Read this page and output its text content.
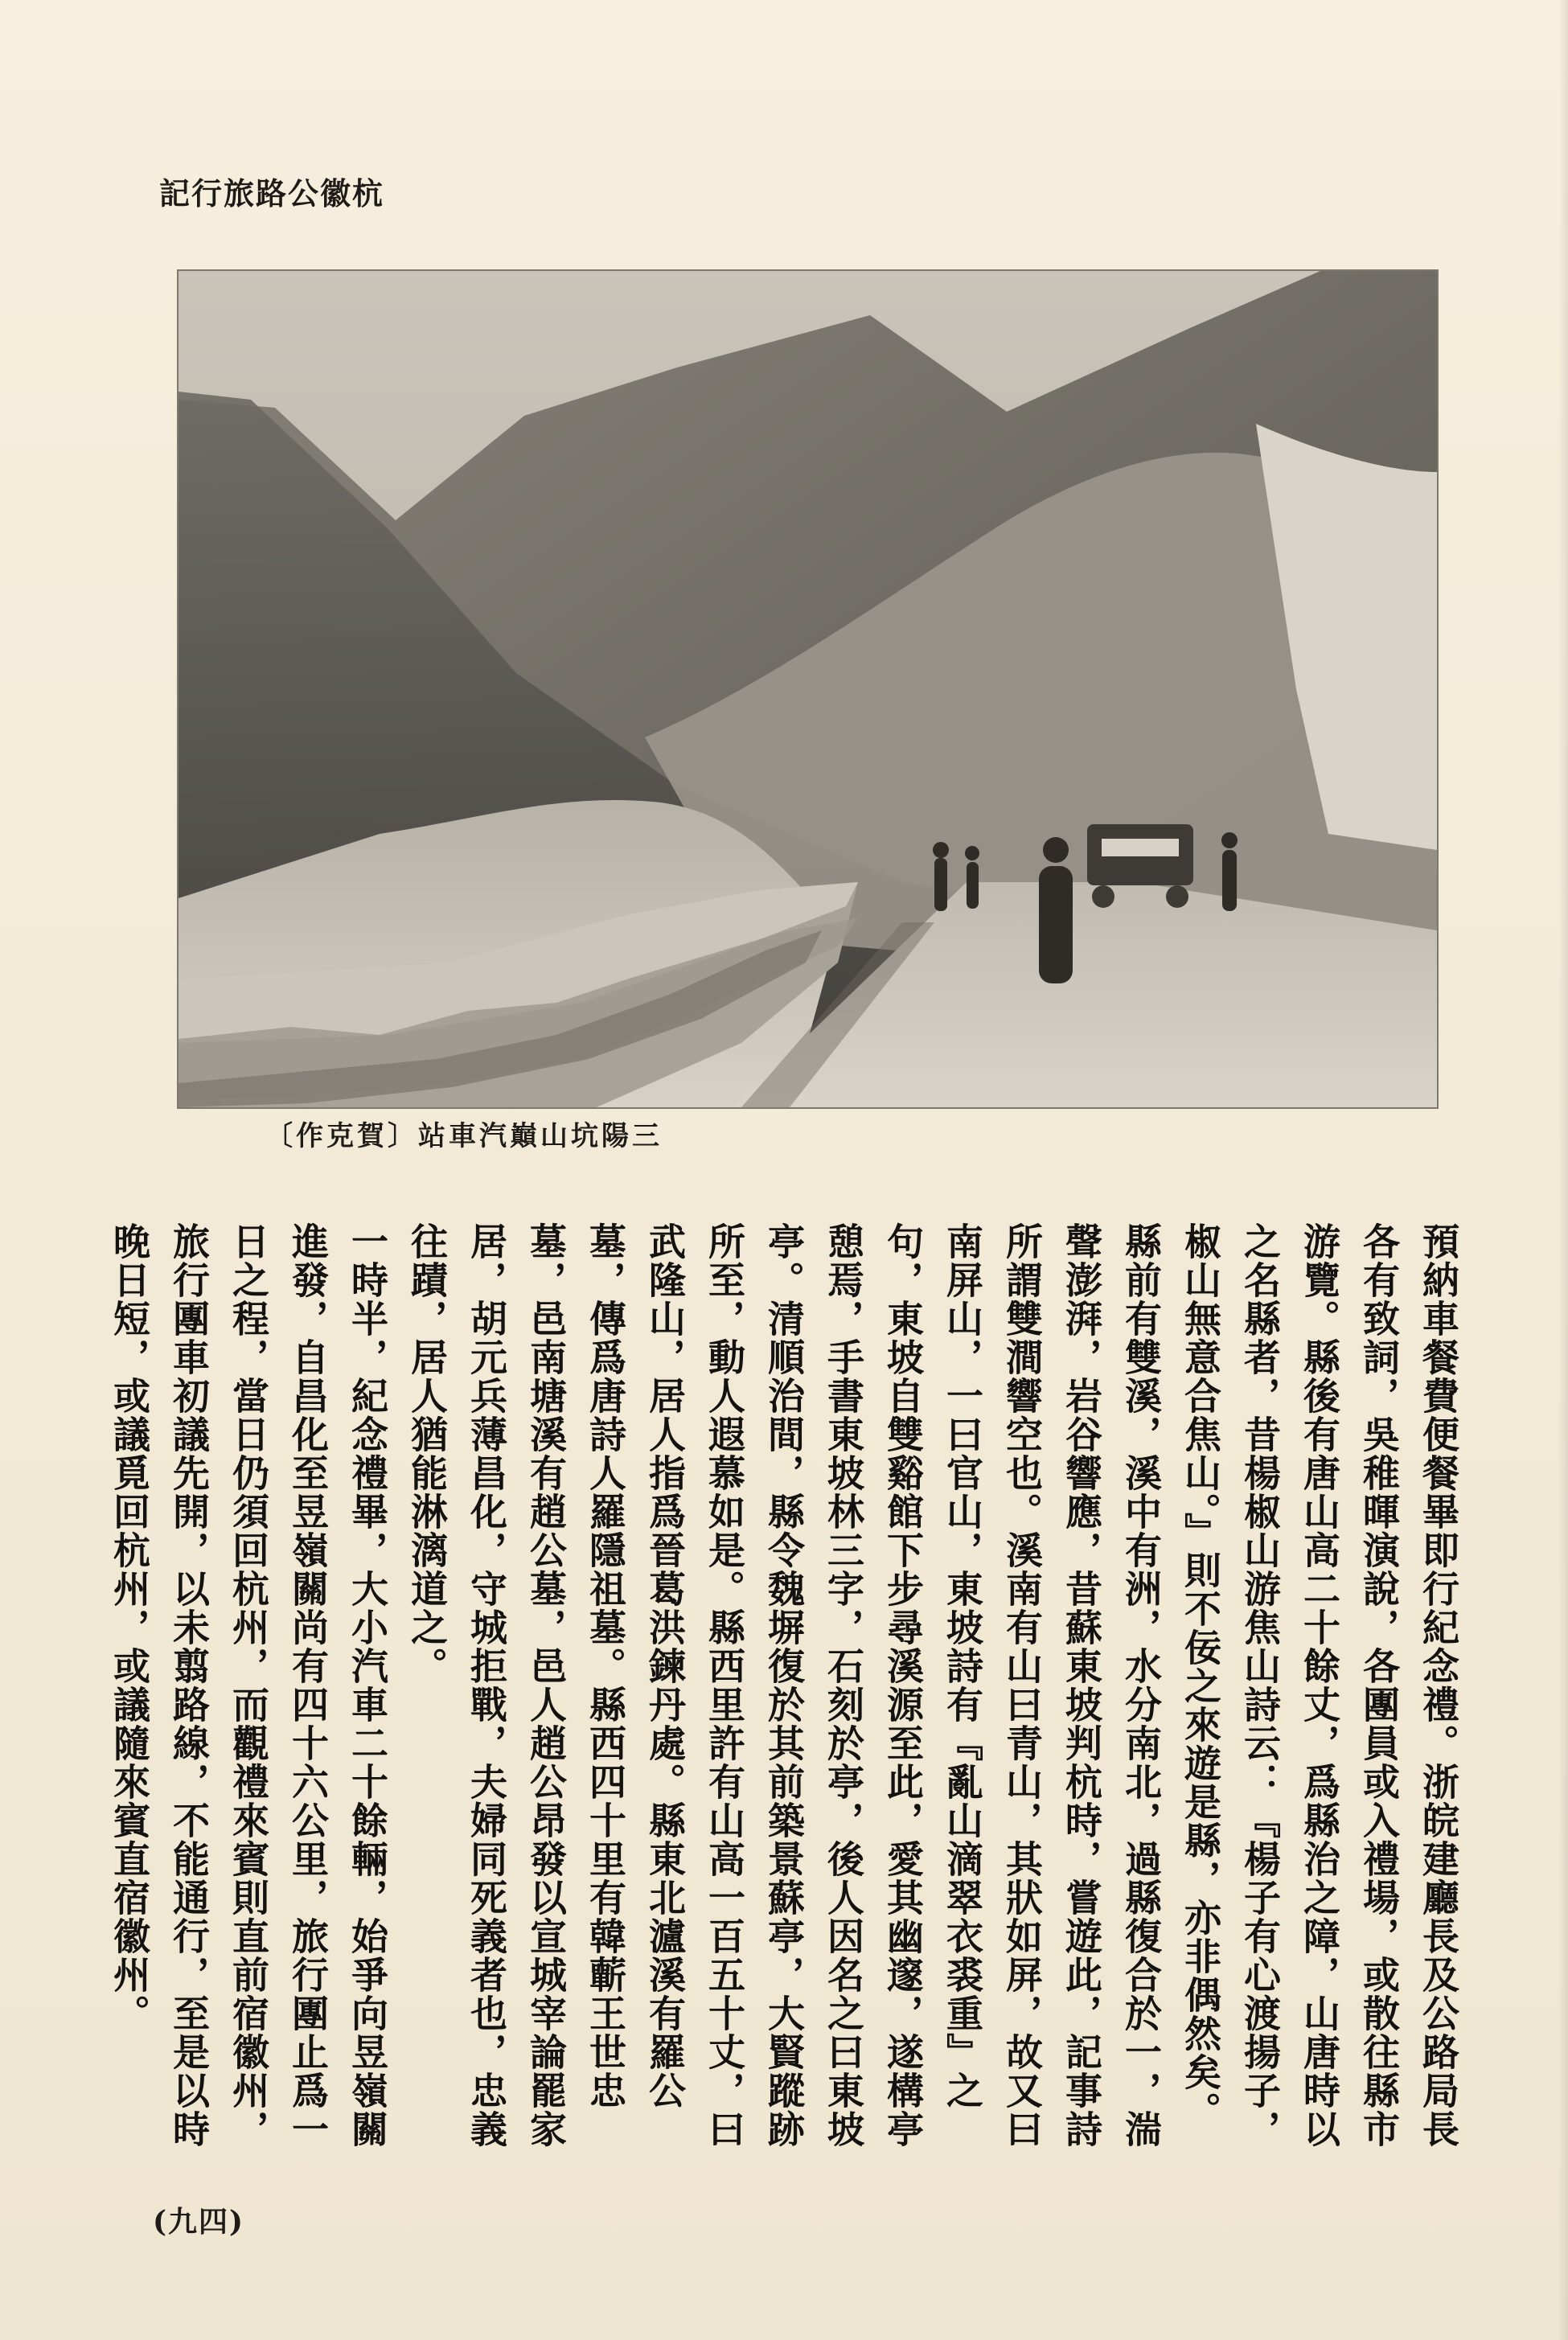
杭徽公路旅行記
三陽坑山巔汽車站〔賀克作〕

預納車餐費便餐畢即行紀念禮。浙皖建廳長及公路局長各有致詞，吳稚暉演說，各團員或入禮場，或散往縣市游覽。縣後有唐山高二十餘丈，爲縣治之障，山唐時以之名縣者，昔楊椒山游焦山詩云：『楊子有心渡揚子，椒山無意合焦山。』則不佞之來遊是縣，亦非偶然矣。縣前有雙溪，溪中有洲，水分南北，過縣復合於一，湍聲澎湃，岩谷響應，昔蘇東坡判杭時，嘗遊此，記事詩所謂雙澗響空也。溪南有山曰青山，其狀如屏，故又曰南屏山，一曰官山，東坡詩有『亂山滴翠衣裘重』之句，東坡自雙谿館下步尋溪源至此，愛其幽邃，遂構亭憩焉，手書東坡林三字，石刻於亭，後人因名之曰東坡亭。清順治間，縣令魏塀復於其前築景蘇亭，大賢蹤跡所至，動人遐慕如是。縣西里許有山高一百五十丈，曰武隆山，居人指爲晉葛洪鍊丹處。縣東北瀘溪有羅公墓，傳爲唐詩人羅隱祖墓。縣西四十里有韓蘄王世忠墓，邑南塘溪有趙公墓，邑人趙公昂發以宣城宰論罷家居，胡元兵薄昌化，守城拒戰，夫婦同死義者也，忠義往蹟，居人猶能淋漓道之。

一時半，紀念禮畢，大小汽車二十餘輛，始爭向昱嶺關進發，自昌化至昱嶺關尚有四十六公里，旅行團止爲一日之程，當日仍須回杭州，而觀禮來賓則直前宿徽州，旅行團車初議先開，以未翦路線，不能通行，至是以時晚日短，或議覓回杭州，或議隨來賓直宿徽州。

(九四)
